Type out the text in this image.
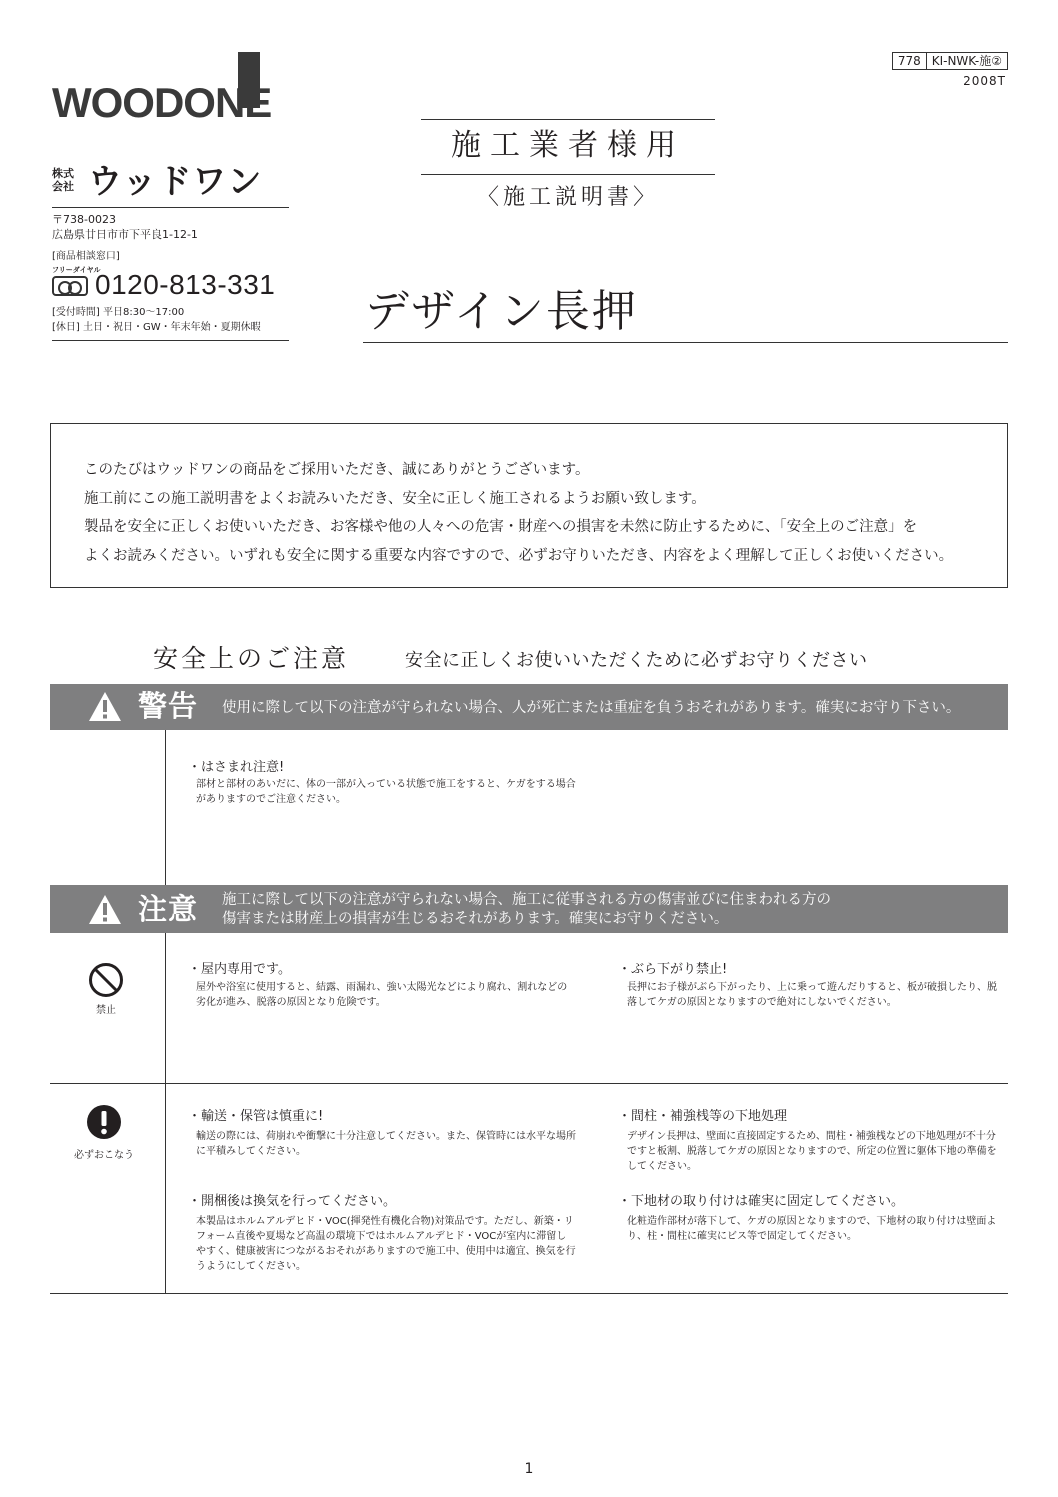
778 KI-NWK-施②
2008T
WOODONE
株式会社 ウッドワン
〒738-0023
広島県廿日市市下平良1-12-1
[商品相談窓口]
フリーダイヤル
0120-813-331
[受付時間] 平日8:30〜17:00
[休日] 土日・祝日・GW・年末年始・夏期休暇
施工業者様用
〈施工説明書〉
デザイン長押

このたびはウッドワンの商品をご採用いただき、誠にありがとうございます。

施工前にこの施工説明書をよくお読みいただき、安全に正しく施工されるようお願い致します。

製品を安全に正しくお使いいただき、お客様や他の人々への危害・財産への損害を未然に防止するために、「安全上のご注意」を

よくお読みください。いずれも安全に関する重要な内容ですので、必ずお守りいただき、内容をよく理解して正しくお使いください。

安全上のご注意	安全に正しくお使いいただくために必ずお守りください
警告 使用に際して以下の注意が守られない場合、人が死亡または重症を負うおそれがあります。確実にお守り下さい。
・はさまれ注意!
部材と部材のあいだに、体の一部が入っている状態で施工をすると、ケガをする場合がありますのでご注意ください。
注意 施工に際して以下の注意が守られない場合、施工に従事される方の傷害並びに住まわれる方の
傷害または財産上の損害が生じるおそれがあります。確実にお守りください。
禁止
・屋内専用です。
屋外や浴室に使用すると、結露、雨漏れ、強い太陽光などにより腐れ、割れなどの劣化が進み、脱落の原因となり危険です。
・ぶら下がり禁止!
長押にお子様がぶら下がったり、上に乗って遊んだりすると、板が破損したり、脱落してケガの原因となりますので絶対にしないでください。
必ずおこなう
・輸送・保管は慎重に!
輸送の際には、荷崩れや衝撃に十分注意してください。また、保管時には水平な場所に平積みしてください。
・間柱・補強桟等の下地処理
デザイン長押は、壁面に直接固定するため、間柱・補強桟などの下地処理が不十分ですと板割、脱落してケガの原因となりますので、所定の位置に躯体下地の準備をしてください。
・開梱後は換気を行ってください。
本製品はホルムアルデヒド・VOC(揮発性有機化合物)対策品です。ただし、新築・リフォーム直後や夏場など高温の環境下ではホルムアルデヒド・VOCが室内に滞留しやすく、健康被害につながるおそれがありますので施工中、使用中は適宜、換気を行うようにしてください。
・下地材の取り付けは確実に固定してください。
化粧造作部材が落下して、ケガの原因となりますので、下地材の取り付けは壁面より、柱・間柱に確実にビス等で固定してください。
1
